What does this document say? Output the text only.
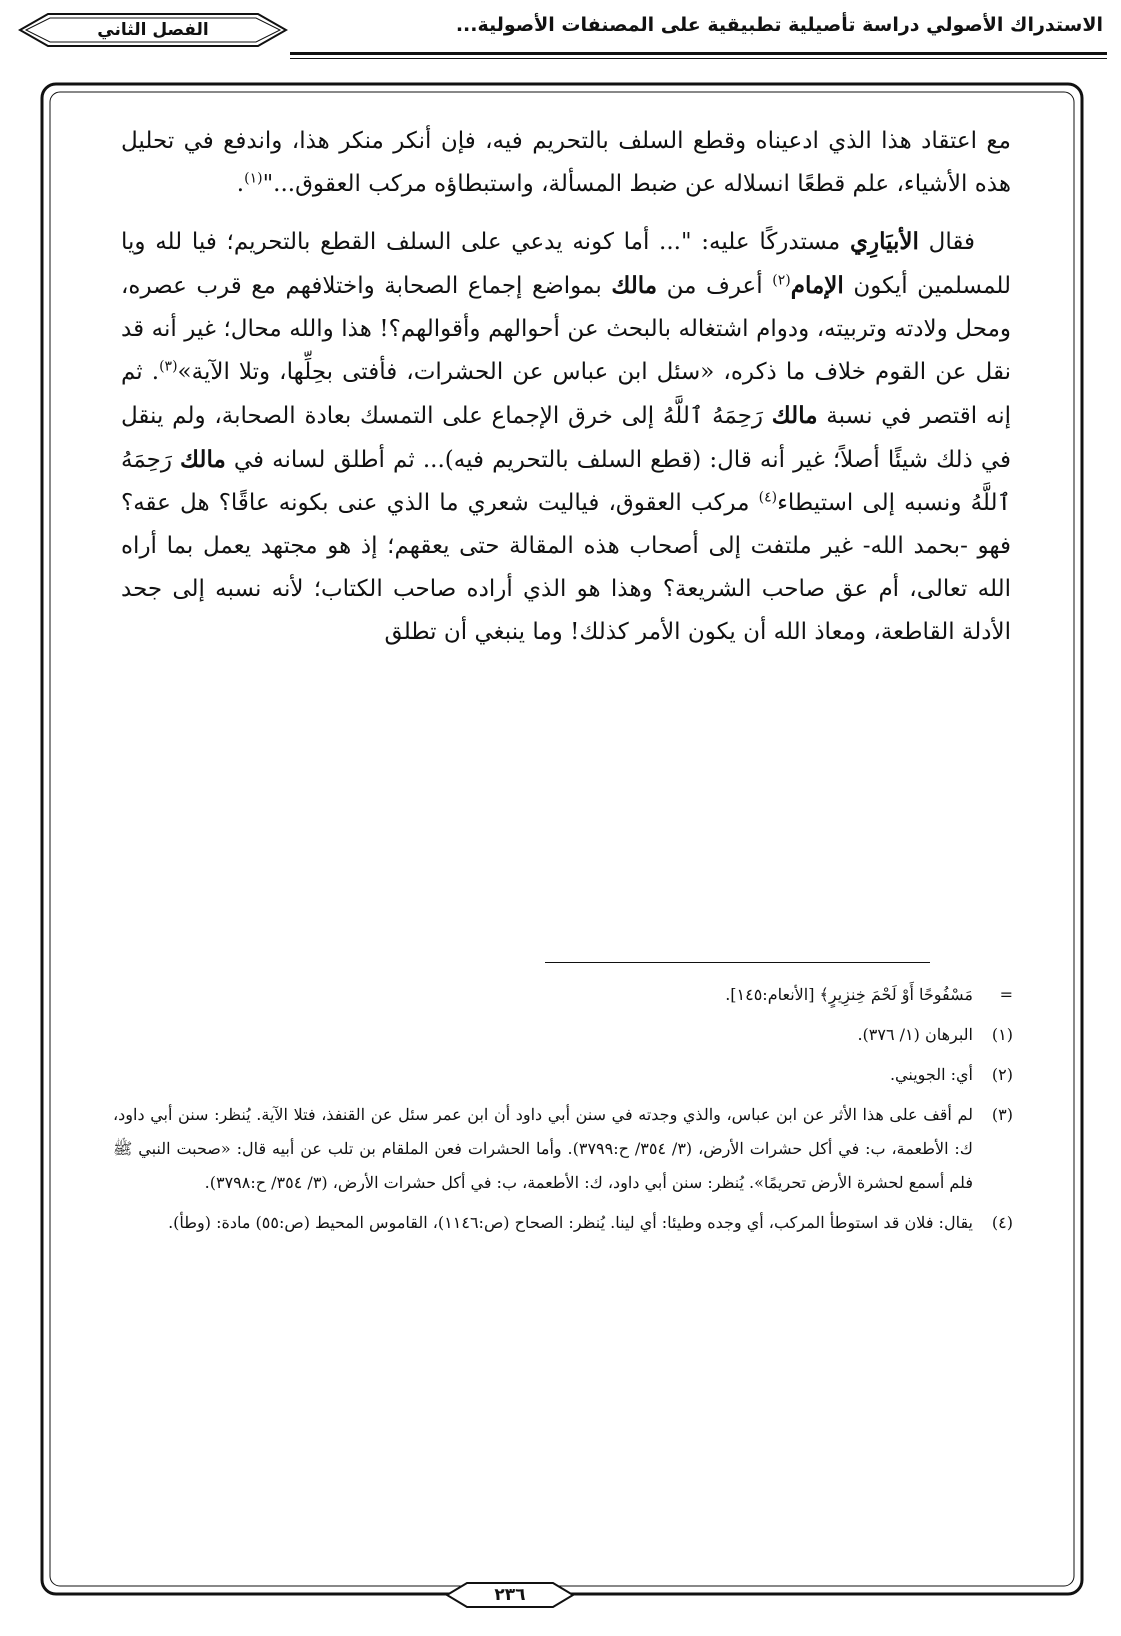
الاستدراك الأصولي دراسة تأصيلية تطبيقية على المصنفات الأصولية...
الفصل الثاني

مع اعتقاد هذا الذي ادعيناه وقطع السلف بالتحريم فيه، فإن أنكر منكر هذا، واندفع في تحليل هذه الأشياء، علم قطعًا انسلاله عن ضبط المسألة، واستبطاؤه مركب العقوق..."$^{(١)}$.

فقال الأبيَارِي مستدركًا عليه: "... أما كونه يدعي على السلف القطع بالتحريم؛ فيا لله ويا للمسلمين أيكون الإمام$^{(٢)}$ أعرف من مالك بمواضع إجماع الصحابة واختلافهم مع قرب عصره، ومحل ولادته وتربيته، ودوام اشتغاله بالبحث عن أحوالهم وأقوالهم؟! هذا والله محال؛ غير أنه قد نقل عن القوم خلاف ما ذكره، «سئل ابن عباس عن الحشرات، فأفتى بحِلِّها، وتلا الآية»$^{(٣)}$. ثم إنه اقتصر في نسبة مالك رَحِمَهُ ٱللَّهُ إلى خرق الإجماع على التمسك بعادة الصحابة، ولم ينقل في ذلك شيئًا أصلاً؛ غير أنه قال: (قطع السلف بالتحريم فيه)... ثم أطلق لسانه في مالك رَحِمَهُ ٱللَّهُ ونسبه إلى استيطاء$^{(٤)}$ مركب العقوق، فياليت شعري ما الذي عنى بكونه عاقًا؟ هل عقه؟ فهو -بحمد الله- غير ملتفت إلى أصحاب هذه المقالة حتى يعقهم؛ إذ هو مجتهد يعمل بما أراه الله تعالى، أم عق صاحب الشريعة؟ وهذا هو الذي أراده صاحب الكتاب؛ لأنه نسبه إلى جحد الأدلة القاطعة، ومعاذ الله أن يكون الأمر كذلك! وما ينبغي أن تطلق

=
مَسْفُوحًا أَوْ لَحْمَ خِنزِيرٍ﴾ [الأنعام:١٤٥].
(١)
البرهان (١/ ٣٧٦).
(٢)
أي: الجويني.
(٣)
لم أقف على هذا الأثر عن ابن عباس، والذي وجدته في سنن أبي داود أن ابن عمر سئل عن القنفذ، فتلا الآية. يُنظر: سنن أبي داود، ك: الأطعمة، ب: في أكل حشرات الأرض، (٣/ ٣٥٤/ ح:٣٧٩٩). وأما الحشرات فعن الملقام بن تلب عن أبيه قال: «صحبت النبي ﷺ فلم أسمع لحشرة الأرض تحريمًا». يُنظر: سنن أبي داود، ك: الأطعمة، ب: في أكل حشرات الأرض، (٣/ ٣٥٤/ ح:٣٧٩٨).
(٤)
يقال: فلان قد استوطأ المركب، أي وجده وطيئا: أي لينا. يُنظر: الصحاح (ص:١١٤٦)، القاموس المحيط (ص:٥٥) مادة: (وطأ).
٢٣٦
